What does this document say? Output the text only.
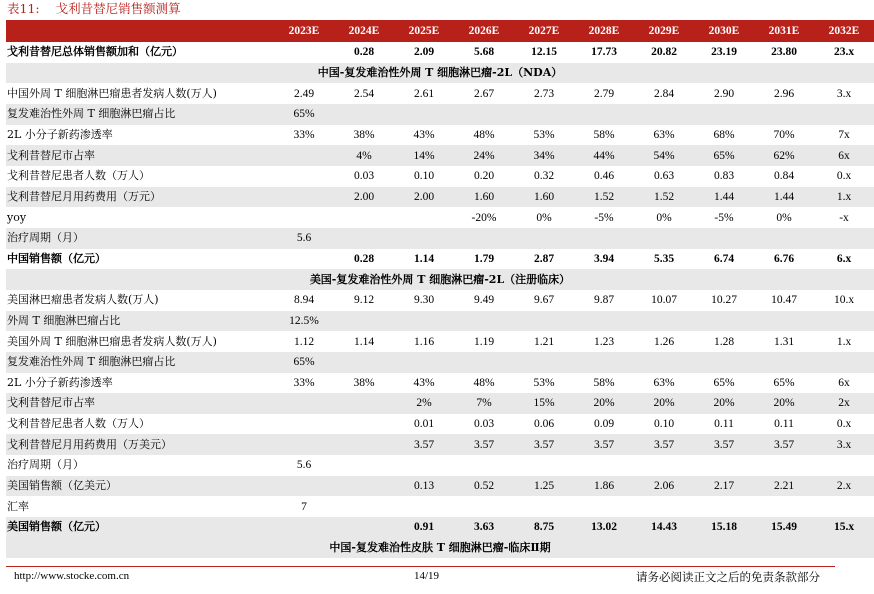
表11: 戈利昔替尼销售额测算
	2023E	2024E	2025E	2026E	2027E	2028E	2029E	2030E	2031E	2032E
戈利昔替尼总体销售额加和（亿元）		0.28	2.09	5.68	12.15	17.73	20.82	23.19	23.80	23.x
中国-复发难治性外周 T 细胞淋巴瘤-2L（NDA）										
中国外周 T 细胞淋巴瘤患者发病人数(万人)	2.49	2.54	2.61	2.67	2.73	2.79	2.84	2.90	2.96	3.x
复发难治性外周 T 细胞淋巴瘤占比	65%									
2L 小分子新药渗透率	33%	38%	43%	48%	53%	58%	63%	68%	70%	7x
戈利昔替尼市占率		4%	14%	24%	34%	44%	54%	65%	62%	6x
戈利昔替尼患者人数（万人）		0.03	0.10	0.20	0.32	0.46	0.63	0.83	0.84	0.x
戈利昔替尼月用药费用（万元）		2.00	2.00	1.60	1.60	1.52	1.52	1.44	1.44	1.x
yoy				-20%	0%	-5%	0%	-5%	0%	-x
治疗周期（月）	5.6									
中国销售额（亿元）		0.28	1.14	1.79	2.87	3.94	5.35	6.74	6.76	6.x
美国-复发难治性外周 T 细胞淋巴瘤-2L（注册临床）										
美国淋巴瘤患者发病人数(万人)	8.94	9.12	9.30	9.49	9.67	9.87	10.07	10.27	10.47	10.x
外周 T 细胞淋巴瘤占比	12.5%									
美国外周 T 细胞淋巴瘤患者发病人数(万人)	1.12	1.14	1.16	1.19	1.21	1.23	1.26	1.28	1.31	1.x
复发难治性外周 T 细胞淋巴瘤占比	65%									
2L 小分子新药渗透率	33%	38%	43%	48%	53%	58%	63%	65%	65%	6x
戈利昔替尼市占率			2%	7%	15%	20%	20%	20%	20%	2x
戈利昔替尼患者人数（万人）			0.01	0.03	0.06	0.09	0.10	0.11	0.11	0.x
戈利昔替尼月用药费用（万美元）			3.57	3.57	3.57	3.57	3.57	3.57	3.57	3.x
治疗周期（月）	5.6									
美国销售额（亿美元）			0.13	0.52	1.25	1.86	2.06	2.17	2.21	2.x
汇率	7									
美国销售额（亿元）			0.91	3.63	8.75	13.02	14.43	15.18	15.49	15.x
中国-复发难治性皮肤 T 细胞淋巴瘤-临床Ⅱ期										
http://www.stocke.com.cn	14/19	请务必阅读正文之后的免责条款部分
